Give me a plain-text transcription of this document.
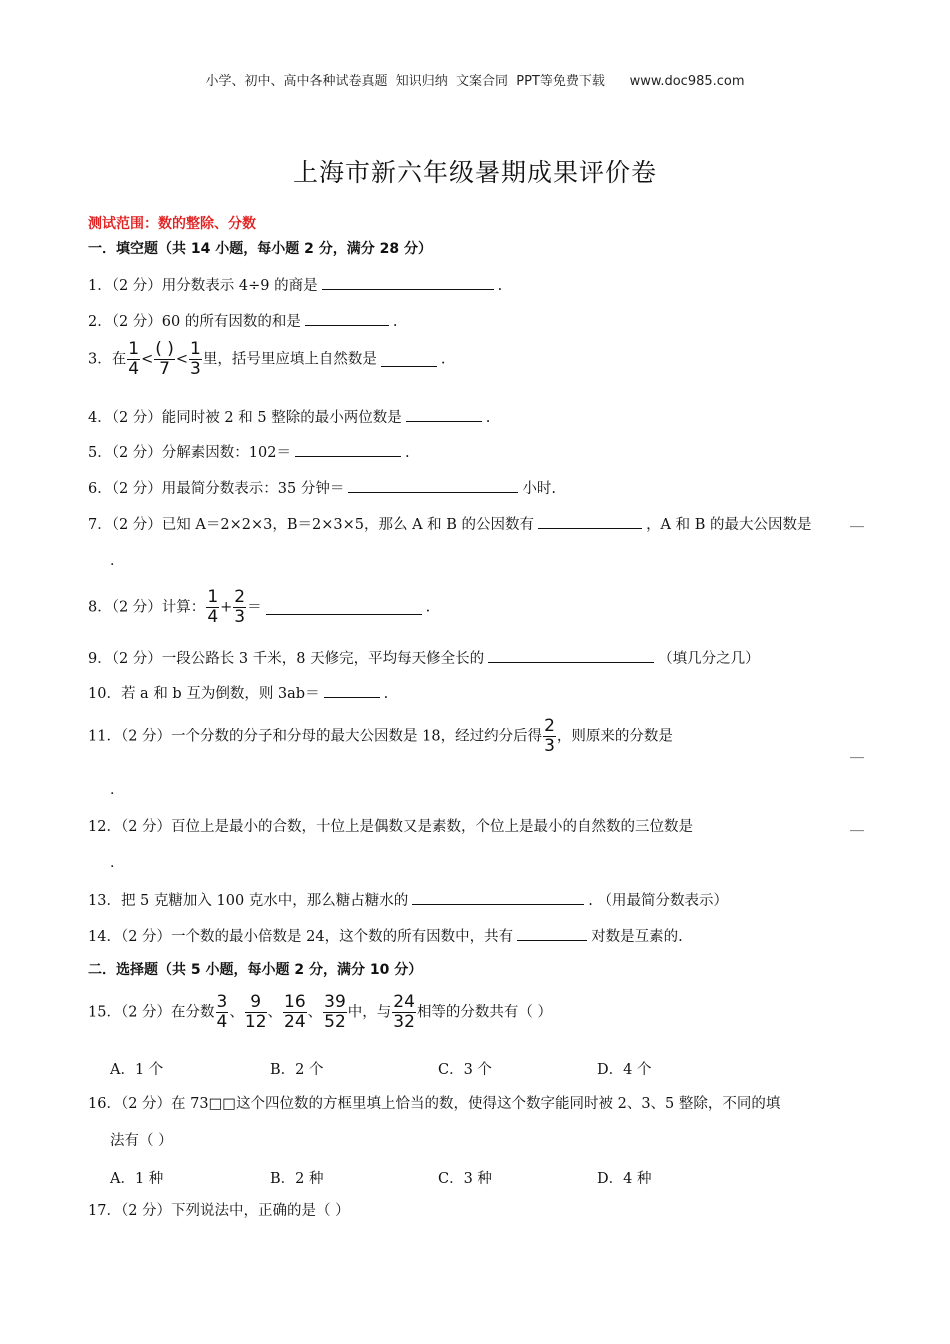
小学、初中、高中各种试卷真题  知识归纳  文案合同  PPT等免费下载      www.doc985.com
上海市新六年级暑期成果评价卷
测试范围：数的整除、分数
一．填空题（共 14 小题，每小题 2 分，满分 28 分）
1．（2 分）用分数表示 4÷9 的商是	.
2．（2 分）60 的所有因数的和是	.
3．在 $\frac{1}{4} < \frac{( )}{7} < \frac{1}{3}$ 里，括号里应填上自然数是	.
4．（2 分）能同时被 2 和 5 整除的最小两位数是	.
5．（2 分）分解素因数：102＝	.
6．（2 分）用最简分数表示：35 分钟＝	小时.
7．（2 分）已知 A＝2×2×3，B＝2×3×5，那么 A 和 B 的公因数有	，A 和 B 的最大公因数是	__
.
8．（2 分）计算： $\frac{1}{4} + \frac{2}{3}$ ＝	.
9．（2 分）一段公路长 3 千米，8 天修完，平均每天修全长的	（填几分之几）
10．若 a 和 b 互为倒数，则 3ab＝	.
11．（2 分）一个分数的分子和分母的最大公因数是 18，经过约分后得 $\frac{2}{3}$ ，则原来的分数是
__
.
12．（2 分）百位上是最小的合数，十位上是偶数又是素数，个位上是最小的自然数的三位数是	__
.
13．把 5 克糖加入 100 克水中，那么糖占糖水的	. （用最简分数表示）
14．（2 分）一个数的最小倍数是 24，这个数的所有因数中，共有	对数是互素的.
二．选择题（共 5 小题，每小题 2 分，满分 10 分）
15．（2 分）在分数 $\frac{3}{4}$ 、 $\frac{9}{12}$ 、 $\frac{16}{24}$ 、 $\frac{39}{52}$ 中，与 $\frac{24}{32}$ 相等的分数共有（ ）
A．1 个	B．2 个	C．3 个	D．4 个
16．（2 分）在 73□□这个四位数的方框里填上恰当的数，使得这个数字能同时被 2、3、5 整除，不同的填
法有（ ）
A．1 种	B．2 种	C．3 种	D．4 种
17．（2 分）下列说法中，正确的是（ ）
